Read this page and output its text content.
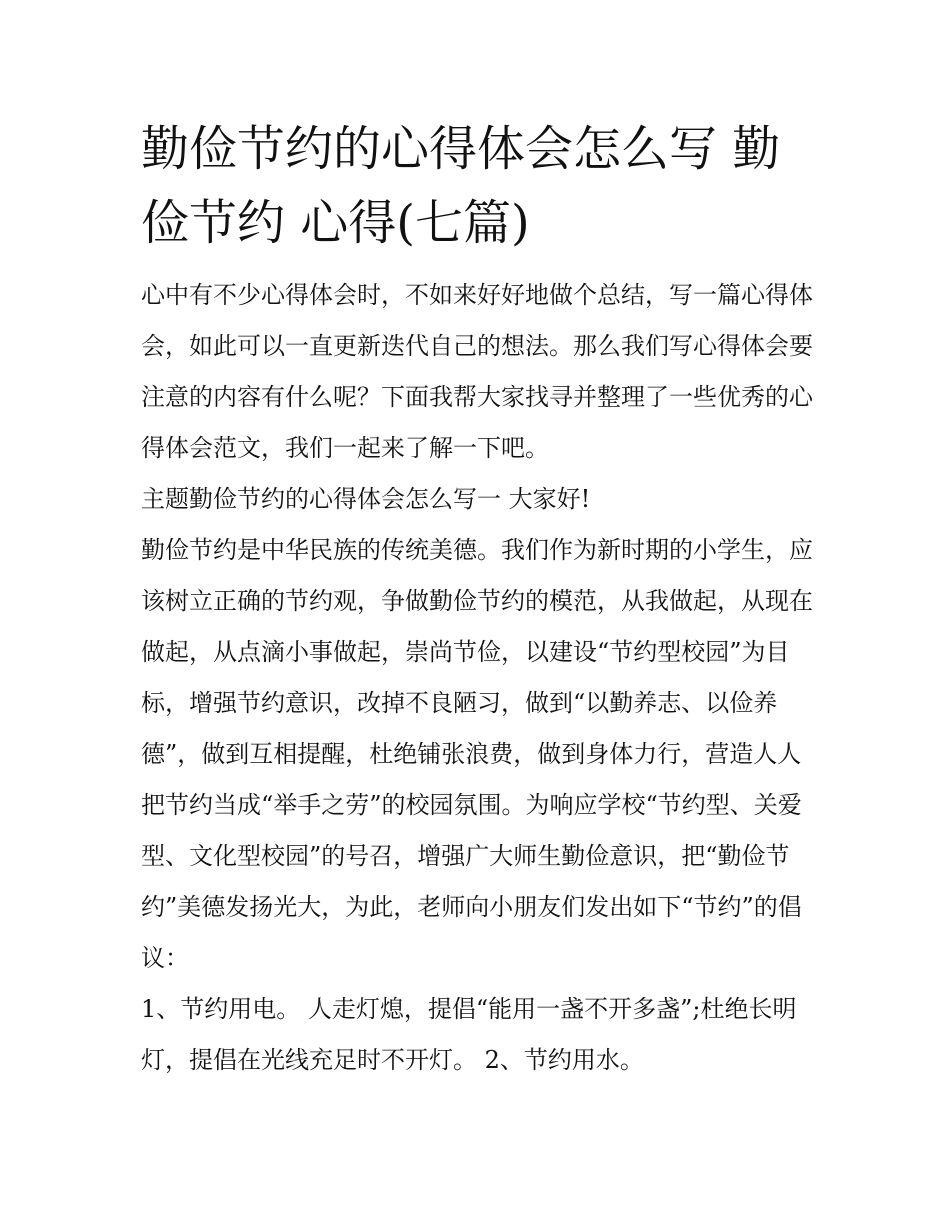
勤俭节约的心得体会怎么写 勤俭节约 心得(七篇)

心中有不少心得体会时，不如来好好地做个总结，写一篇心得体会，如此可以一直更新迭代自己的想法。那么我们写心得体会要注意的内容有什么呢？下面我帮大家找寻并整理了一些优秀的心得体会范文，我们一起来了解一下吧。

主题勤俭节约的心得体会怎么写一 大家好!

勤俭节约是中华民族的传统美德。我们作为新时期的小学生，应该树立正确的节约观，争做勤俭节约的模范，从我做起，从现在做起，从点滴小事做起，崇尚节俭，以建设“节约型校园”为目标，增强节约意识，改掉不良陋习，做到“以勤养志、以俭养德”，做到互相提醒，杜绝铺张浪费，做到身体力行，营造人人把节约当成“举手之劳”的校园氛围。为响应学校“节约型、关爱型、文化型校园”的号召，增强广大师生勤俭意识，把“勤俭节约”美德发扬光大，为此，老师向小朋友们发出如下“节约”的倡议：

1、节约用电。 人走灯熄，提倡“能用一盏不开多盏”;杜绝长明灯，提倡在光线充足时不开灯。 2、节约用水。
